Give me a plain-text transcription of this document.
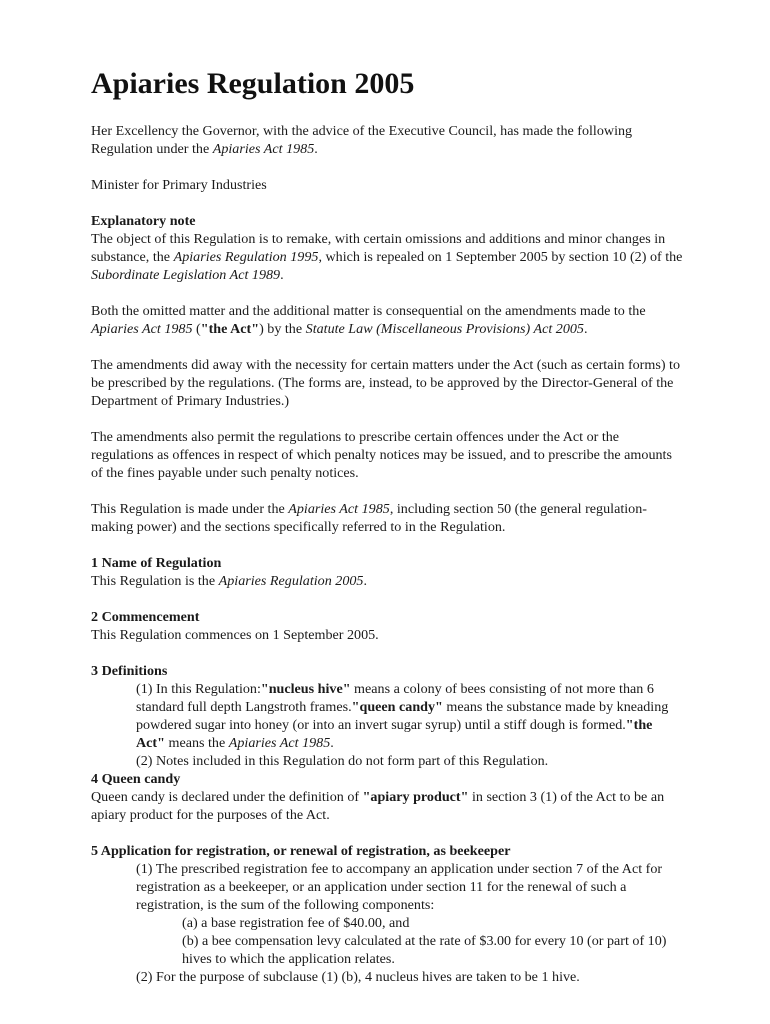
Apiaries Regulation 2005

Her Excellency the Governor, with the advice of the Executive Council, has made the following Regulation under the Apiaries Act 1985.

Minister for Primary Industries

Explanatory note

The object of this Regulation is to remake, with certain omissions and additions and minor changes in substance, the Apiaries Regulation 1995, which is repealed on 1 September 2005 by section 10 (2) of the Subordinate Legislation Act 1989.

Both the omitted matter and the additional matter is consequential on the amendments made to the Apiaries Act 1985 ("the Act") by the Statute Law (Miscellaneous Provisions) Act 2005.

The amendments did away with the necessity for certain matters under the Act (such as certain forms) to be prescribed by the regulations. (The forms are, instead, to be approved by the Director-General of the Department of Primary Industries.)

The amendments also permit the regulations to prescribe certain offences under the Act or the regulations as offences in respect of which penalty notices may be issued, and to prescribe the amounts of the fines payable under such penalty notices.

This Regulation is made under the Apiaries Act 1985, including section 50 (the general regulation-making power) and the sections specifically referred to in the Regulation.

1 Name of Regulation

This Regulation is the Apiaries Regulation 2005.

2 Commencement

This Regulation commences on 1 September 2005.

3 Definitions

(1) In this Regulation:"nucleus hive" means a colony of bees consisting of not more than 6 standard full depth Langstroth frames."queen candy" means the substance made by kneading powdered sugar into honey (or into an invert sugar syrup) until a stiff dough is formed."the Act" means the Apiaries Act 1985.

(2) Notes included in this Regulation do not form part of this Regulation.

4 Queen candy

Queen candy is declared under the definition of "apiary product" in section 3 (1) of the Act to be an apiary product for the purposes of the Act.

5 Application for registration, or renewal of registration, as beekeeper

(1) The prescribed registration fee to accompany an application under section 7 of the Act for registration as a beekeeper, or an application under section 11 for the renewal of such a registration, is the sum of the following components:

(a) a base registration fee of $40.00, and

(b) a bee compensation levy calculated at the rate of $3.00 for every 10 (or part of 10) hives to which the application relates.

(2) For the purpose of subclause (1) (b), 4 nucleus hives are taken to be 1 hive.
